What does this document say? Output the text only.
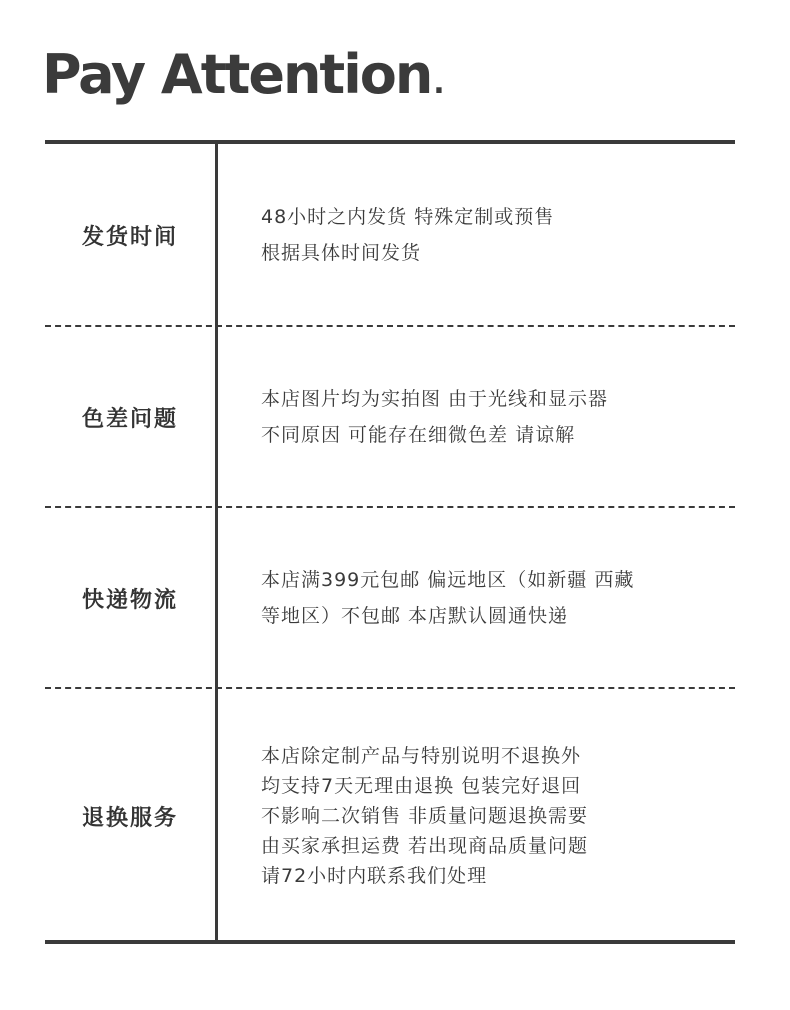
Pay Attention.
发货时间
48小时之内发货 特殊定制或预售
根据具体时间发货
色差问题
本店图片均为实拍图 由于光线和显示器
不同原因 可能存在细微色差 请谅解
快递物流
本店满399元包邮 偏远地区（如新疆 西藏
等地区）不包邮 本店默认圆通快递
退换服务
本店除定制产品与特别说明不退换外
均支持7天无理由退换 包装完好退回
不影响二次销售 非质量问题退换需要
由买家承担运费 若出现商品质量问题
请72小时内联系我们处理
